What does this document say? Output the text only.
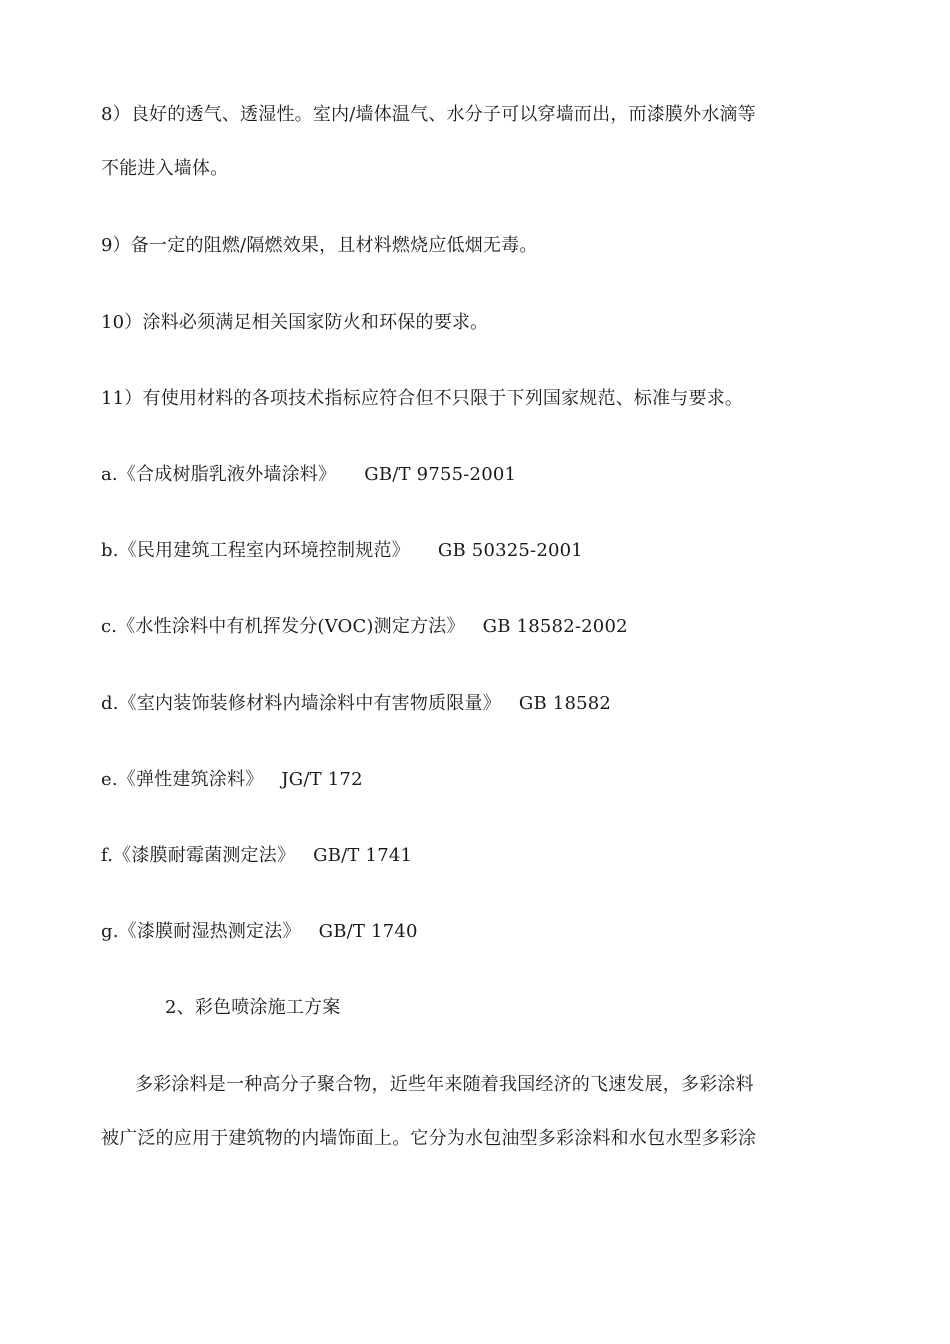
8）良好的透气、透湿性。室内/墙体温气、水分子可以穿墙而出，而漆膜外水滴等
不能进入墙体。
9）备一定的阻燃/隔燃效果，且材料燃烧应低烟无毒。
10）涂料必须满足相关国家防火和环保的要求。
11）有使用材料的各项技术指标应符合但不只限于下列国家规范、标准与要求。
a.《合成树脂乳液外墙涂料》 GB/T 9755-2001
b.《民用建筑工程室内环境控制规范》 GB 50325-2001
c.《水性涂料中有机挥发分(VOC)测定方法》 GB 18582-2002
d.《室内装饰装修材料内墙涂料中有害物质限量》 GB 18582
e.《弹性建筑涂料》 JG/T 172
f.《漆膜耐霉菌测定法》 GB/T 1741
g.《漆膜耐湿热测定法》 GB/T 1740
2、彩色喷涂施工方案
多彩涂料是一种高分子聚合物，近些年来随着我国经济的飞速发展，多彩涂料
被广泛的应用于建筑物的内墙饰面上。它分为水包油型多彩涂料和水包水型多彩涂
